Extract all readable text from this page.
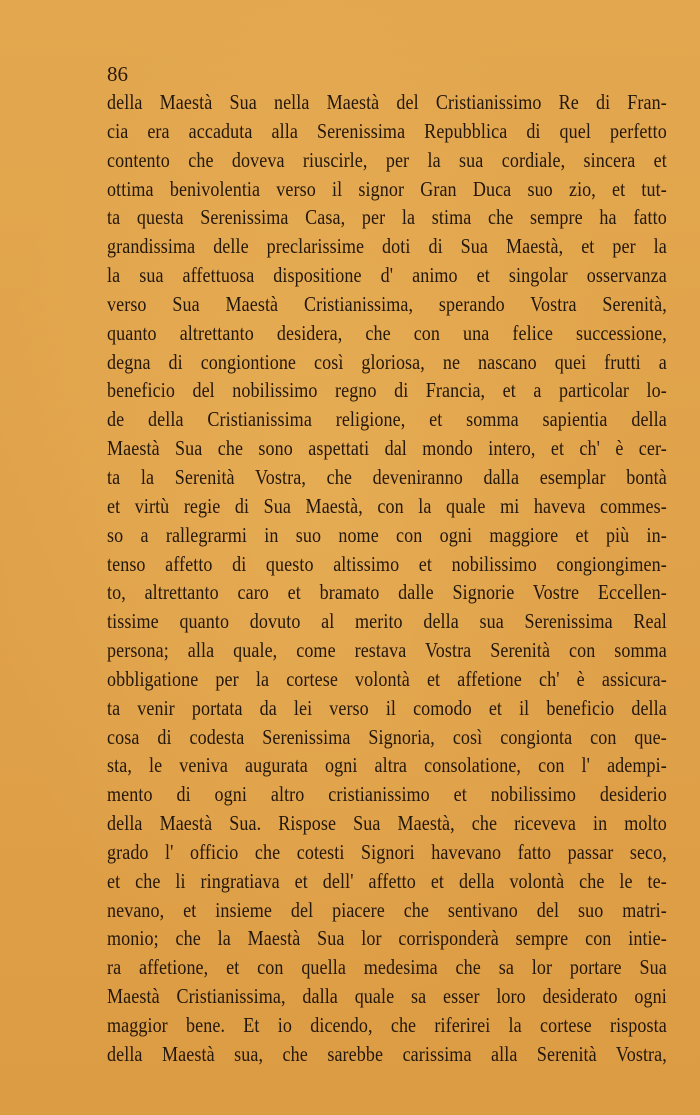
86
della Maestà Sua nella Maestà del Cristianissimo Re di Fran-
cia era accaduta alla Serenissima Repubblica di quel perfetto
contento che doveva riuscirle, per la sua cordiale, sincera et
ottima benivolentia verso il signor Gran Duca suo zio, et tut-
ta questa Serenissima Casa, per la stima che sempre ha fatto
grandissima delle preclarissime doti di Sua Maestà, et per la
la sua affettuosa dispositione d' animo et singolar osservanza
verso Sua Maestà Cristianissima, sperando Vostra Serenità,
quanto altrettanto desidera, che con una felice successione,
degna di congiontione così gloriosa, ne nascano quei frutti a
beneficio del nobilissimo regno di Francia, et a particolar lo-
de della Cristianissima religione, et somma sapientia della
Maestà Sua che sono aspettati dal mondo intero, et ch' è cer-
ta la Serenità Vostra, che deveniranno dalla esemplar bontà
et virtù regie di Sua Maestà, con la quale mi haveva commes-
so a rallegrarmi in suo nome con ogni maggiore et più in-
tenso affetto di questo altissimo et nobilissimo congiongimen-
to, altrettanto caro et bramato dalle Signorie Vostre Eccellen-
tissime quanto dovuto al merito della sua Serenissima Real
persona; alla quale, come restava Vostra Serenità con somma
obbligatione per la cortese volontà et affetione ch' è assicura-
ta venir portata da lei verso il comodo et il beneficio della
cosa di codesta Serenissima Signoria, così congionta con que-
sta, le veniva augurata ogni altra consolatione, con l' adempi-
mento di ogni altro cristianissimo et nobilissimo desiderio
della Maestà Sua. Rispose Sua Maestà, che riceveva in molto
grado l' officio che cotesti Signori havevano fatto passar seco,
et che li ringratiava et dell' affetto et della volontà che le te-
nevano, et insieme del piacere che sentivano del suo matri-
monio; che la Maestà Sua lor corrisponderà sempre con intie-
ra affetione, et con quella medesima che sa lor portare Sua
Maestà Cristianissima, dalla quale sa esser loro desiderato ogni
maggior bene. Et io dicendo, che riferirei la cortese risposta
della Maestà sua, che sarebbe carissima alla Serenità Vostra,
